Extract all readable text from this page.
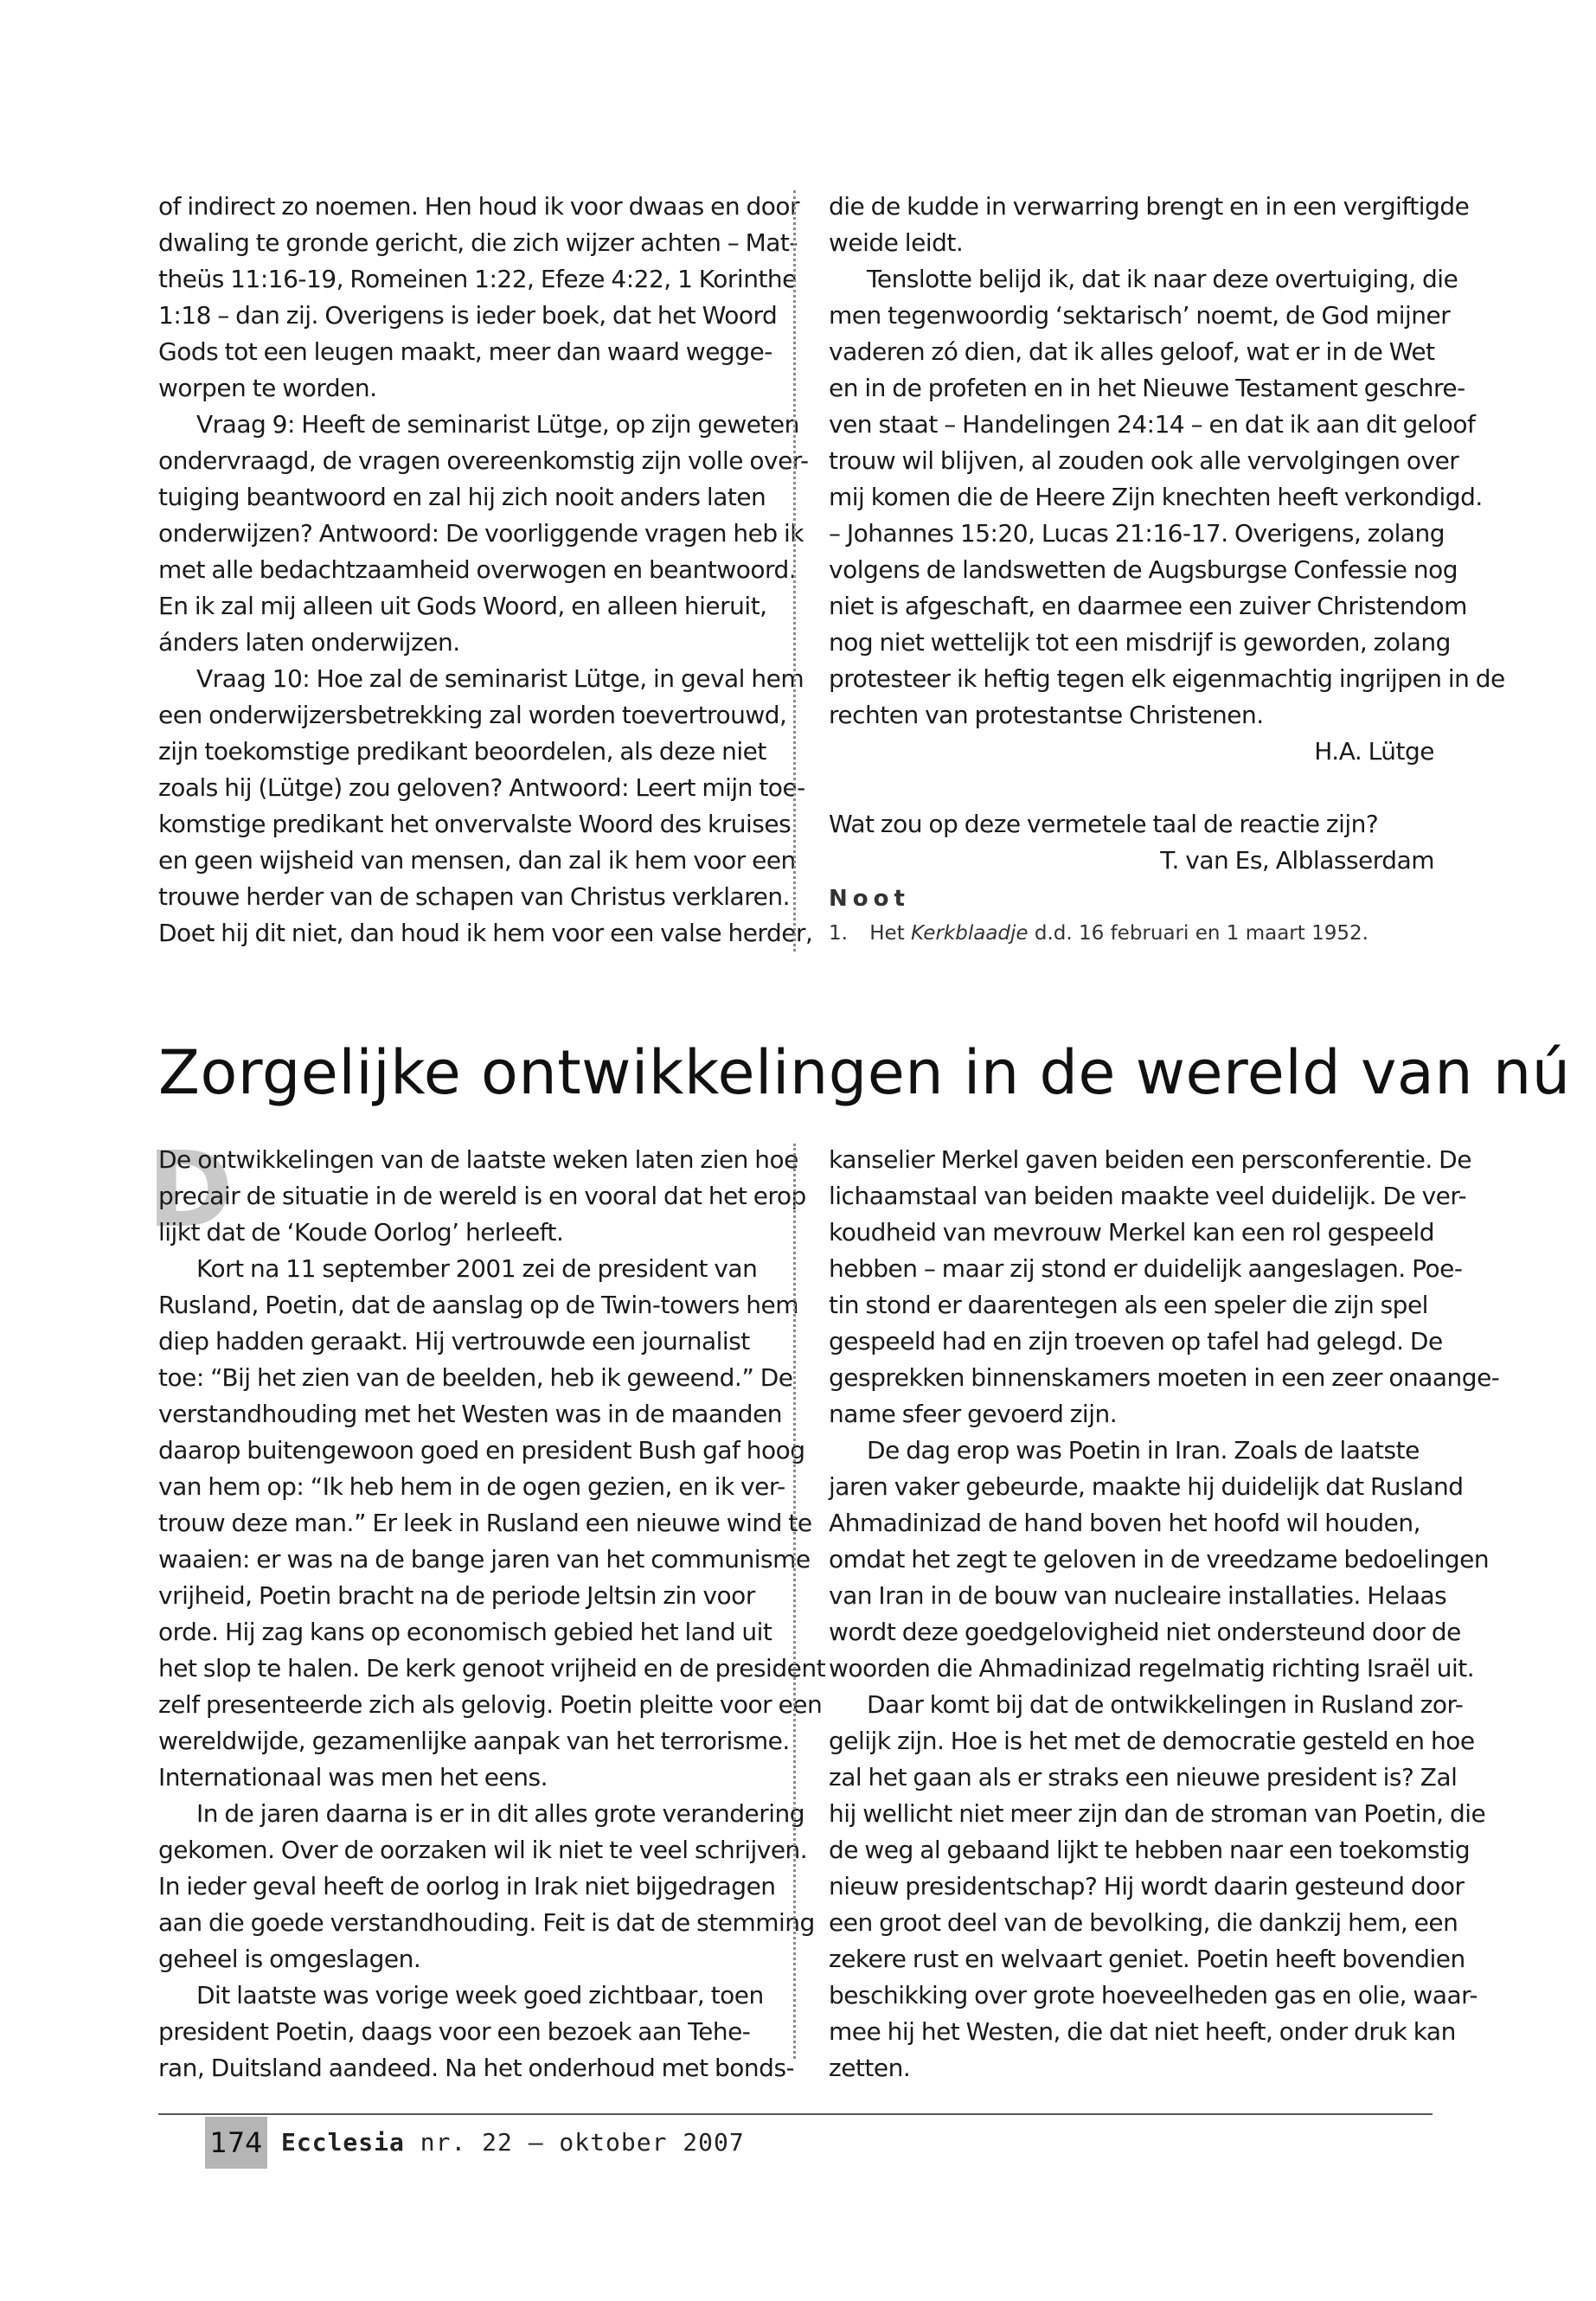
of indirect zo noemen. Hen houd ik voor dwaas en door
dwaling te gronde gericht, die zich wijzer achten – Mat-
theüs 11:16-19, Romeinen 1:22, Efeze 4:22, 1 Korinthe
1:18 – dan zij. Overigens is ieder boek, dat het Woord
Gods tot een leugen maakt, meer dan waard wegge-
worpen te worden.
Vraag 9: Heeft de seminarist Lütge, op zijn geweten
ondervraagd, de vragen overeenkomstig zijn volle over-
tuiging beantwoord en zal hij zich nooit anders laten
onderwijzen? Antwoord: De voorliggende vragen heb ik
met alle bedachtzaamheid overwogen en beantwoord.
En ik zal mij alleen uit Gods Woord, en alleen hieruit,
ánders laten onderwijzen.
Vraag 10: Hoe zal de seminarist Lütge, in geval hem
een onderwijzersbetrekking zal worden toevertrouwd,
zijn toekomstige predikant beoordelen, als deze niet
zoals hij (Lütge) zou geloven? Antwoord: Leert mijn toe-
komstige predikant het onvervalste Woord des kruises
en geen wijsheid van mensen, dan zal ik hem voor een
trouwe herder van de schapen van Christus verklaren.
Doet hij dit niet, dan houd ik hem voor een valse herder,
die de kudde in verwarring brengt en in een vergiftigde
weide leidt.
Tenslotte belijd ik, dat ik naar deze overtuiging, die
men tegenwoordig ‘sektarisch’ noemt, de God mijner
vaderen zó dien, dat ik alles geloof, wat er in de Wet
en in de profeten en in het Nieuwe Testament geschre-
ven staat – Handelingen 24:14 – en dat ik aan dit geloof
trouw wil blijven, al zouden ook alle vervolgingen over
mij komen die de Heere Zijn knechten heeft verkondigd.
– Johannes 15:20, Lucas 21:16-17. Overigens, zolang
volgens de landswetten de Augsburgse Confessie nog
niet is afgeschaft, en daarmee een zuiver Christendom
nog niet wettelijk tot een misdrijf is geworden, zolang
protesteer ik heftig tegen elk eigenmachtig ingrijpen in de
rechten van protestantse Christenen.
H.A. Lütge
Wat zou op deze vermetele taal de reactie zijn?
T. van Es, Alblasserdam
Noot
1. Het Kerkblaadje d.d. 16 februari en 1 maart 1952.
Zorgelijke ontwikkelingen in de wereld van nú
D
De ontwikkelingen van de laatste weken laten zien hoe
precair de situatie in de wereld is en vooral dat het erop
lijkt dat de ‘Koude Oorlog’ herleeft.
Kort na 11 september 2001 zei de president van
Rusland, Poetin, dat de aanslag op de Twin-towers hem
diep hadden geraakt. Hij vertrouwde een journalist
toe: “Bij het zien van de beelden, heb ik geweend.” De
verstandhouding met het Westen was in de maanden
daarop buitengewoon goed en president Bush gaf hoog
van hem op: “Ik heb hem in de ogen gezien, en ik ver-
trouw deze man.” Er leek in Rusland een nieuwe wind te
waaien: er was na de bange jaren van het communisme
vrijheid, Poetin bracht na de periode Jeltsin zin voor
orde. Hij zag kans op economisch gebied het land uit
het slop te halen. De kerk genoot vrijheid en de president
zelf presenteerde zich als gelovig. Poetin pleitte voor een
wereldwijde, gezamenlijke aanpak van het terrorisme.
Internationaal was men het eens.
In de jaren daarna is er in dit alles grote verandering
gekomen. Over de oorzaken wil ik niet te veel schrijven.
In ieder geval heeft de oorlog in Irak niet bijgedragen
aan die goede verstandhouding. Feit is dat de stemming
geheel is omgeslagen.
Dit laatste was vorige week goed zichtbaar, toen
president Poetin, daags voor een bezoek aan Tehe-
ran, Duitsland aandeed. Na het onderhoud met bonds-
kanselier Merkel gaven beiden een persconferentie. De
lichaamstaal van beiden maakte veel duidelijk. De ver-
koudheid van mevrouw Merkel kan een rol gespeeld
hebben – maar zij stond er duidelijk aangeslagen. Poe-
tin stond er daarentegen als een speler die zijn spel
gespeeld had en zijn troeven op tafel had gelegd. De
gesprekken binnenskamers moeten in een zeer onaange-
name sfeer gevoerd zijn.
De dag erop was Poetin in Iran. Zoals de laatste
jaren vaker gebeurde, maakte hij duidelijk dat Rusland
Ahmadinizad de hand boven het hoofd wil houden,
omdat het zegt te geloven in de vreedzame bedoelingen
van Iran in de bouw van nucleaire installaties. Helaas
wordt deze goedgelovigheid niet ondersteund door de
woorden die Ahmadinizad regelmatig richting Israël uit.
Daar komt bij dat de ontwikkelingen in Rusland zor-
gelijk zijn. Hoe is het met de democratie gesteld en hoe
zal het gaan als er straks een nieuwe president is? Zal
hij wellicht niet meer zijn dan de stroman van Poetin, die
de weg al gebaand lijkt te hebben naar een toekomstig
nieuw presidentschap? Hij wordt daarin gesteund door
een groot deel van de bevolking, die dankzij hem, een
zekere rust en welvaart geniet. Poetin heeft bovendien
beschikking over grote hoeveelheden gas en olie, waar-
mee hij het Westen, die dat niet heeft, onder druk kan
zetten.
174 Ecclesia nr. 22 — oktober 2007
